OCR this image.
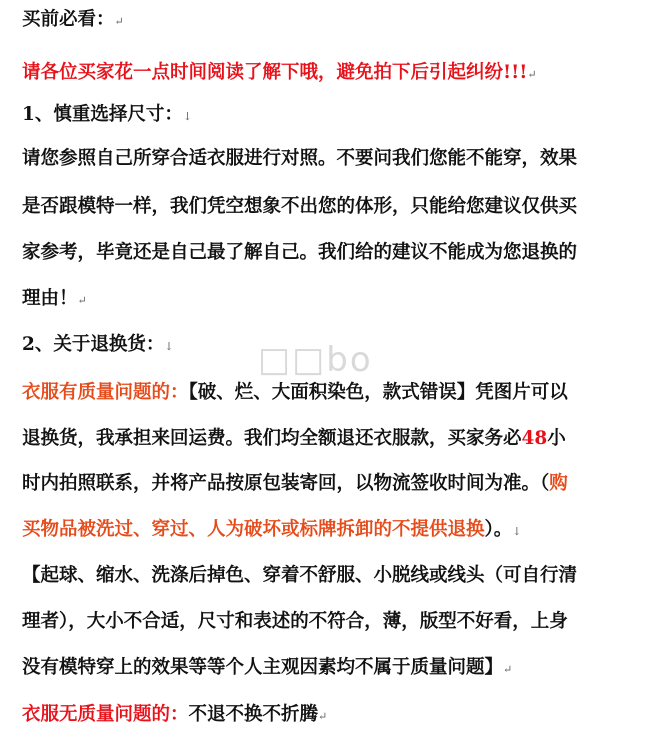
买前必看：↵
请各位买家花一点时间阅读了解下哦，避免拍下后引起纠纷!!!↵
1、慎重选择尺寸：↓
请您参照自己所穿合适衣服进行对照。不要问我们您能不能穿，效果
是否跟模特一样，我们凭空想象不出您的体形，只能给您建议仅供买
家参考，毕竟还是自己最了解自己。我们给的建议不能成为您退换的
理由！↵
2、关于退换货：↓ □□bo
衣服有质量问题的：【破、烂、大面积染色，款式错误】凭图片可以
退换货，我承担来回运费。我们均全额退还衣服款，买家务必48小
时内拍照联系，并将产品按原包装寄回，以物流签收时间为准。（购
买物品被洗过、穿过、人为破坏或标牌拆卸的不提供退换）。↓
【起球、缩水、洗涤后掉色、穿着不舒服、小脱线或线头（可自行清
理者），大小不合适，尺寸和表述的不符合，薄，版型不好看，上身
没有模特穿上的效果等等个人主观因素均不属于质量问题】↵
衣服无质量问题的：不退不换不折腾↵
